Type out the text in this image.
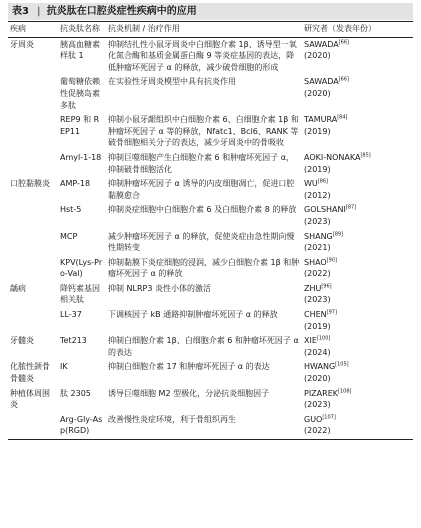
表3 | 抗炎肽在口腔炎症性疾病中的应用
疾病	抗炎肽名称	抗炎机制 / 治疗作用	研究者（发表年份）
牙周炎	胰高血糖素样肽 1	抑制结扎性小鼠牙周炎中白细胞介素 1β、诱导型一氧化氮合酶和基质金属蛋白酶 9 等炎症基因的表达，降低肿瘤坏死因子 α 的释放，减少破骨细胞的形成	SAWADA[66]
(2020)
	葡萄糖依赖性促胰岛素多肽	在实验性牙周炎模型中具有抗炎作用	SAWADA[66]
(2020)
	REP9 和 REP11	抑制小鼠牙龈组织中白细胞介素 6、白细胞介素 1β 和肿瘤坏死因子 α 等的释放，Nfatc1、Bcl6、RANK 等破骨细胞相关分子的表达，减少牙周炎中的骨吸收	TAMURA[84]
(2019)
	Amyl-1-18	抑制巨噬细胞产生白细胞介素 6 和肿瘤坏死因子 α，抑制破骨细胞活化	AOKI-NONAKA[85]
(2019)
口腔黏膜炎	AMP-18	抑制肿瘤坏死因子 α 诱导的内皮细胞凋亡，促进口腔黏膜愈合	WU[86]
(2012)
	Hst-5	抑制炎症细胞中白细胞介素 6 及白细胞介素 8 的释放	GOLSHANI[87]
(2023)
	MCP	减少肿瘤坏死因子 α 的释放，促使炎症由急性期向慢性期转变	SHANG[89]
(2021)
	KPV(Lys-Pro-Val)	抑制黏膜下炎症细胞的浸润，减少白细胞介素 1β 和肿瘤坏死因子 α 的释放	SHAO[90]
(2022)
龋病	降钙素基因相关肽	抑制 NLRP3 炎性小体的激活	ZHU[96]
(2023)
	LL-37	下调核因子 kB 通路抑制肿瘤坏死因子 α 的释放	CHEN[97]
(2019)
牙髓炎	Tet213	抑制白细胞介素 1β、白细胞介素 6 和肿瘤坏死因子 α 的表达	XIE[100]
(2024)
化脓性颌骨骨髓炎	IK	抑制白细胞介素 17 和肿瘤坏死因子 α 的表达	HWANG[105]
(2020)
种植体周围炎	肽 2305	诱导巨噬细胞 M2 型极化，分泌抗炎细胞因子	PIZAREK[108]
(2023)
	Arg-Gly-Asp(RGD)	改善慢性炎症环境，利于骨组织再生	GUO[107]
(2022)
